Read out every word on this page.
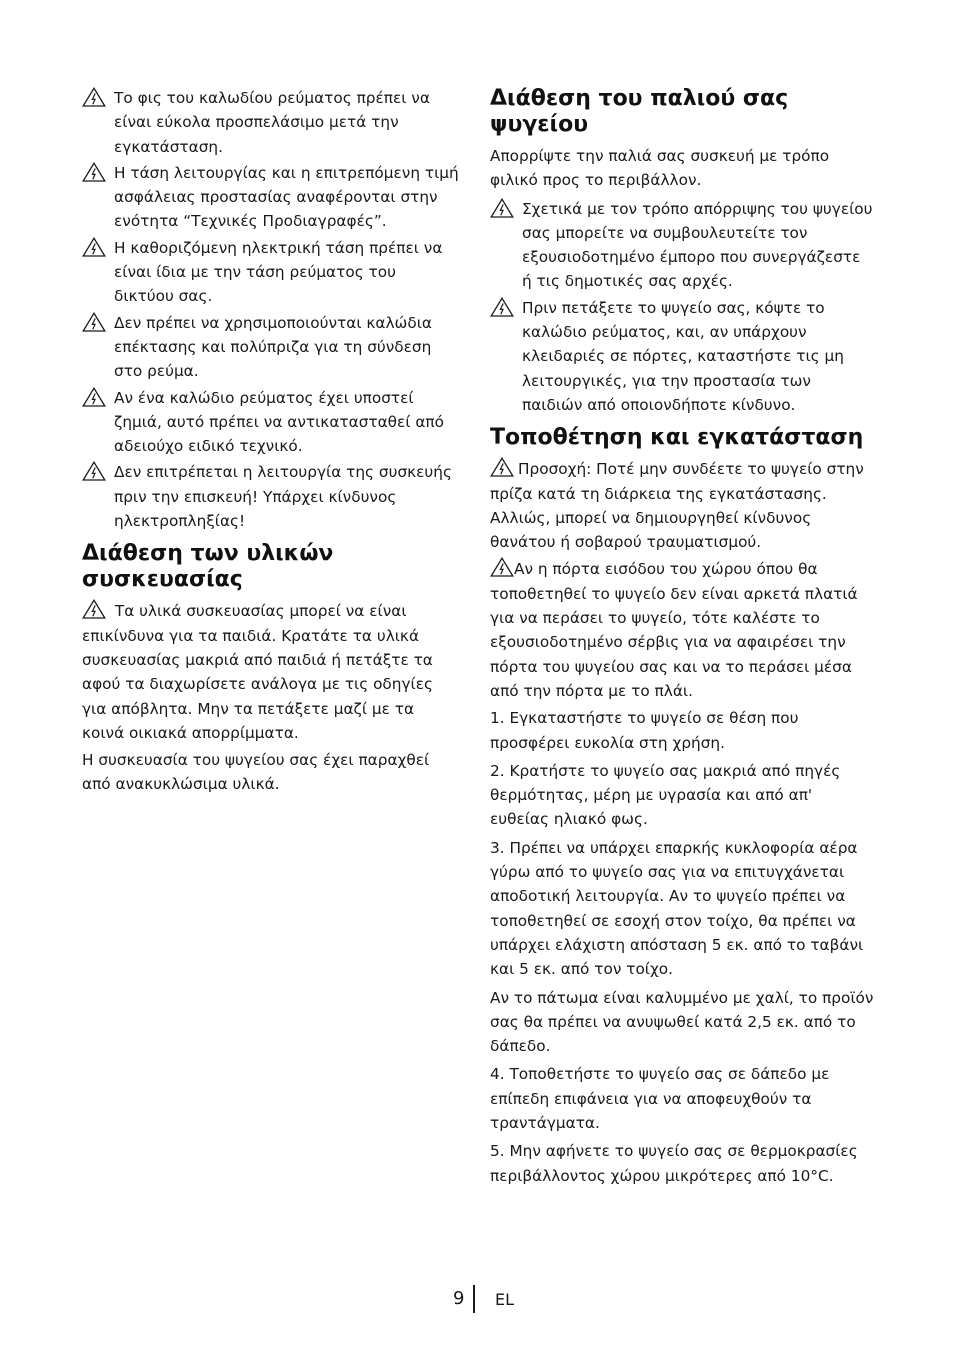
Το φις του καλωδίου ρεύματος πρέπει να είναι εύκολα προσπελάσιμο μετά την εγκατάσταση.
Η τάση λειτουργίας και η επιτρεπόμενη τιμή ασφάλειας προστασίας αναφέρονται στην ενότητα “Τεχνικές Προδιαγραφές”.
Η καθοριζόμενη ηλεκτρική τάση πρέπει να είναι ίδια με την τάση ρεύματος του δικτύου σας.
Δεν πρέπει να χρησιμοποιούνται καλώδια επέκτασης και πολύπριζα για τη σύνδεση στο ρεύμα.
Αν ένα καλώδιο ρεύματος έχει υποστεί ζημιά, αυτό πρέπει να αντικατασταθεί από αδειούχο ειδικό τεχνικό.
Δεν επιτρέπεται η λειτουργία της συσκευής πριν την επισκευή! Υπάρχει κίνδυνος ηλεκτροπληξίας!
Διάθεση των υλικών συσκευασίας

Τα υλικά συσκευασίας μπορεί να είναι επικίνδυνα για τα παιδιά. Κρατάτε τα υλικά συσκευασίας μακριά από παιδιά ή πετάξτε τα αφού τα διαχωρίσετε ανάλογα με τις οδηγίες για απόβλητα. Μην τα πετάξετε μαζί με τα κοινά οικιακά απορρίμματα.

Η συσκευασία του ψυγείου σας έχει παραχθεί από ανακυκλώσιμα υλικά.

Διάθεση του παλιού σας ψυγείου

Απορρίψτε την παλιά σας συσκευή με τρόπο φιλικό προς το περιβάλλον.

Σχετικά με τον τρόπο απόρριψης του ψυγείου σας μπορείτε να συμβουλευτείτε τον εξουσιοδοτημένο έμπορο που συνεργάζεστε ή τις δημοτικές σας αρχές.
Πριν πετάξετε το ψυγείο σας, κόψτε το καλώδιο ρεύματος, και, αν υπάρχουν κλειδαριές σε πόρτες, καταστήστε τις μη λειτουργικές, για την προστασία των παιδιών από οποιονδήποτε κίνδυνο.
Τοποθέτηση και εγκατάσταση

Προσοχή: Ποτέ μην συνδέετε το ψυγείο στην πρίζα κατά τη διάρκεια της εγκατάστασης. Αλλιώς, μπορεί να δημιουργηθεί κίνδυνος θανάτου ή σοβαρού τραυματισμού.

Αν η πόρτα εισόδου του χώρου όπου θα τοποθετηθεί το ψυγείο δεν είναι αρκετά πλατιά για να περάσει το ψυγείο, τότε καλέστε το εξουσιοδοτημένο σέρβις για να αφαιρέσει την πόρτα του ψυγείου σας και να το περάσει μέσα από την πόρτα με το πλάι.

1. Εγκαταστήστε το ψυγείο σε θέση που προσφέρει ευκολία στη χρήση.

2. Κρατήστε το ψυγείο σας μακριά από πηγές θερμότητας, μέρη με υγρασία και από απ' ευθείας ηλιακό φως.

3. Πρέπει να υπάρχει επαρκής κυκλοφορία αέρα γύρω από το ψυγείο σας για να επιτυγχάνεται αποδοτική λειτουργία. Αν το ψυγείο πρέπει να τοποθετηθεί σε εσοχή στον τοίχο, θα πρέπει να υπάρχει ελάχιστη απόσταση 5 εκ. από το ταβάνι και 5 εκ. από τον τοίχο.

Αν το πάτωμα είναι καλυμμένο με χαλί, το προϊόν σας θα πρέπει να ανυψωθεί κατά 2,5 εκ. από το δάπεδο.

4. Τοποθετήστε το ψυγείο σας σε δάπεδο με επίπεδη επιφάνεια για να αποφευχθούν τα τραντάγματα.

5. Μην αφήνετε το ψυγείο σας σε θερμοκρασίες περιβάλλοντος χώρου μικρότερες από 10°C.

9 EL
